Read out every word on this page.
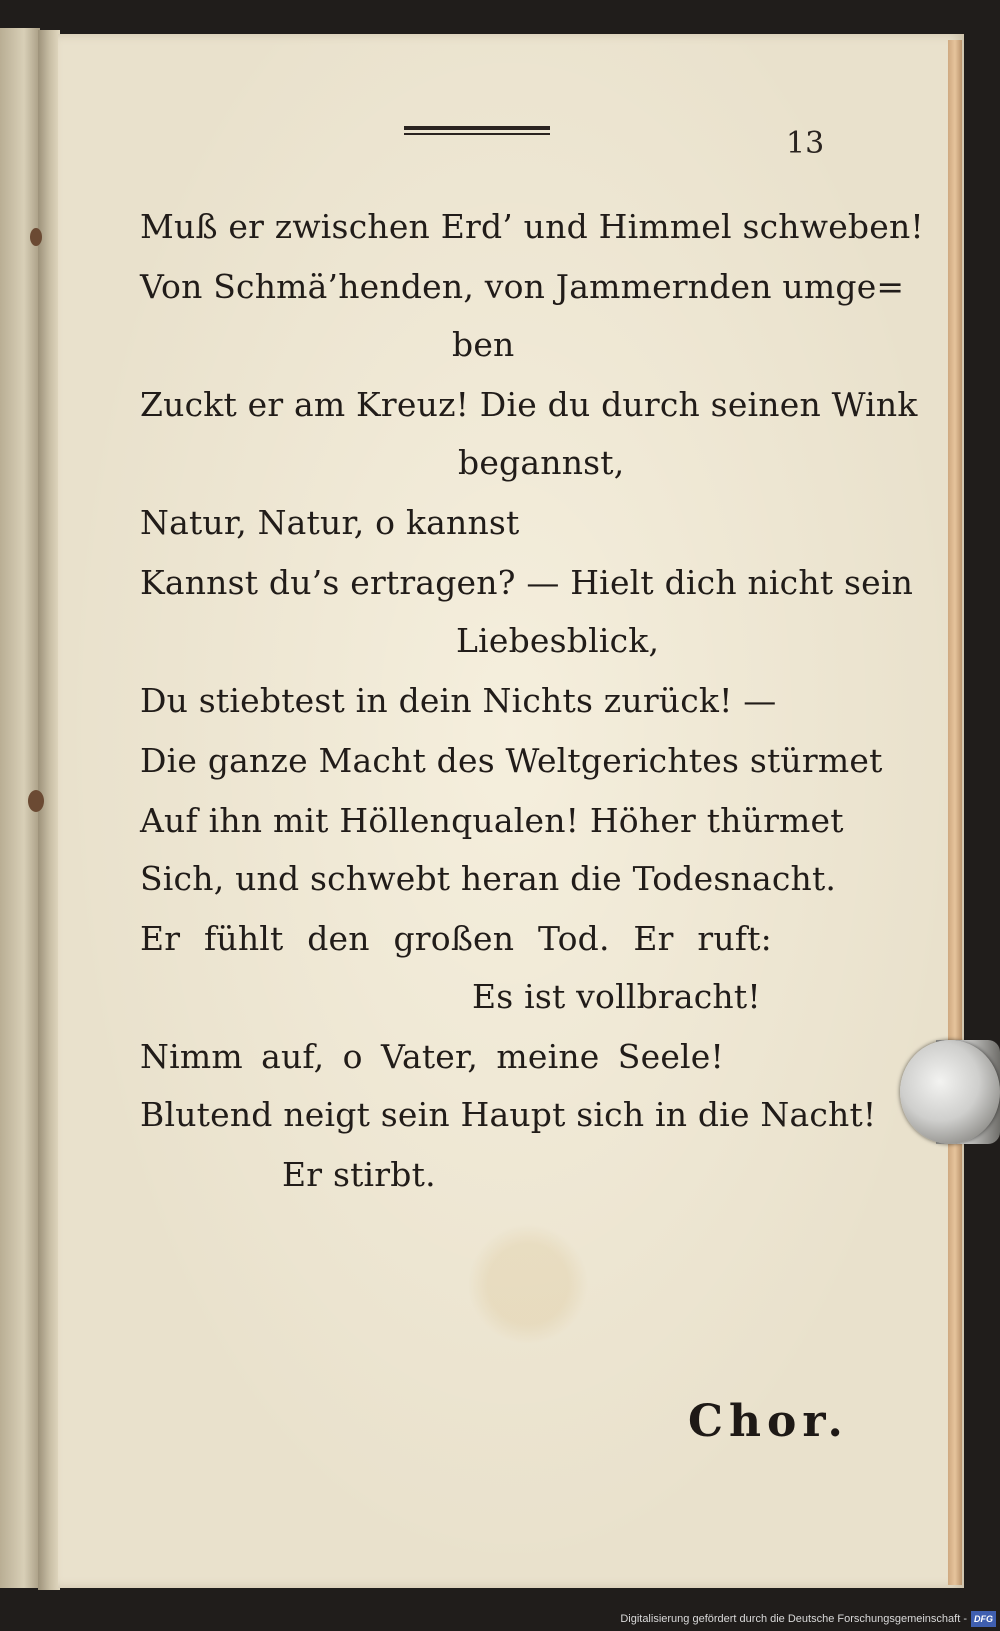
13
Muß er zwischen Erd’ und Himmel schweben!
Von Schmä’henden, von Jammernden umge=
ben
Zuckt er am Kreuz! Die du durch seinen Wink
begannst,
Natur, Natur, o kannst
Kannst du’s ertragen? — Hielt dich nicht sein
Liebesblick,
Du stiebtest in dein Nichts zurück! —
Die ganze Macht des Weltgerichtes stürmet
Auf ihn mit Höllenqualen! Höher thürmet
Sich, und schwebt heran die Todesnacht.
Er fühlt den großen Tod. Er ruft:
Es ist vollbracht!
Nimm auf, o Vater, meine Seele!
Blutend neigt sein Haupt sich in die Nacht!
Er stirbt.
Chor.
Digitalisierung gefördert durch die Deutsche Forschungsgemeinschaft - DFG
